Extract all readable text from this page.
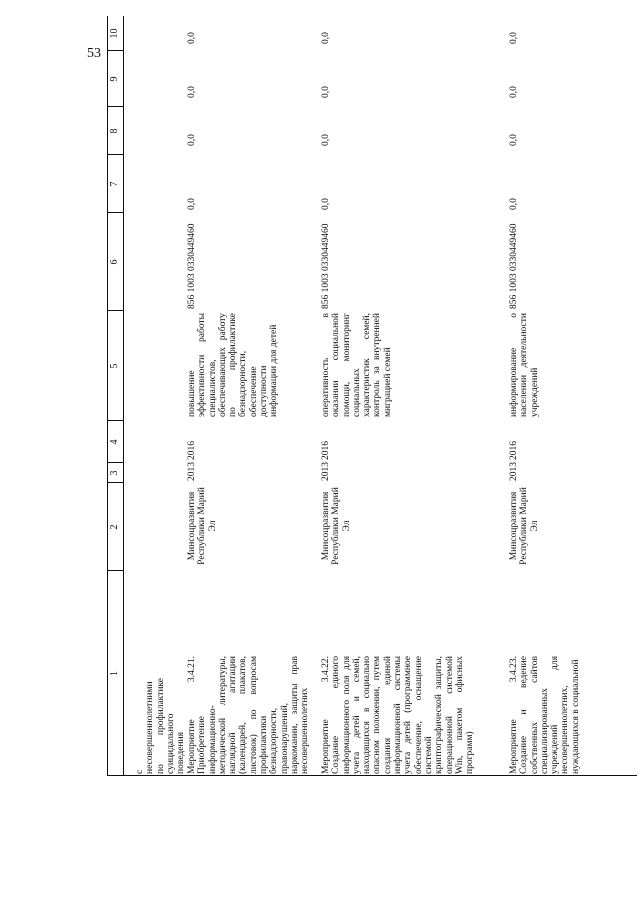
53
1
2
3
4
5
6
7
8
9
10
с несовершеннолетними по профилактике суицидального поведения Мероприятие 3.4.21. Приобретение информационно-методической литературы, наглядной агитации (календарей, плакатов, листовок) по вопросам профилактики безнадзорности, правонарушений, наркомании, защиты прав несовершеннолетних
Минсоцразвития Республики Марий Эл
2013
2016
повышение эффективности работы специалистов, обеспечивающих работу по профилактике безнадзорности, обеспечение доступности информации для детей
856 1003 0330449460
0,0
0,0
0,0
0,0
Мероприятие 3.4.22. Создание единого информационного поля для учета детей и семей, находящихся в социально опасном положении, путем создания единой информационной системы учета детей (программное обеспечение, оснащение системой криптографической защиты, операционной системой Win, пакетом офисных программ)
Минсоцразвития Республики Марий Эл
2013
2016
оперативность в оказании социальной помощи, мониторинг социальных характеристик семей, контроль за внутренней миграцией семей
856 1003 0330449460
0,0
0,0
0,0
0,0
Мероприятие 3.4.23. Создание и ведение собственных сайтов специализированных учреждений для несовершеннолетних, нуждающихся в социальной
Минсоцразвития Республики Марий Эл
2013
2016
информирование о населении деятельности учреждений
856 1003 0330449460
0,0
0,0
0,0
0,0
